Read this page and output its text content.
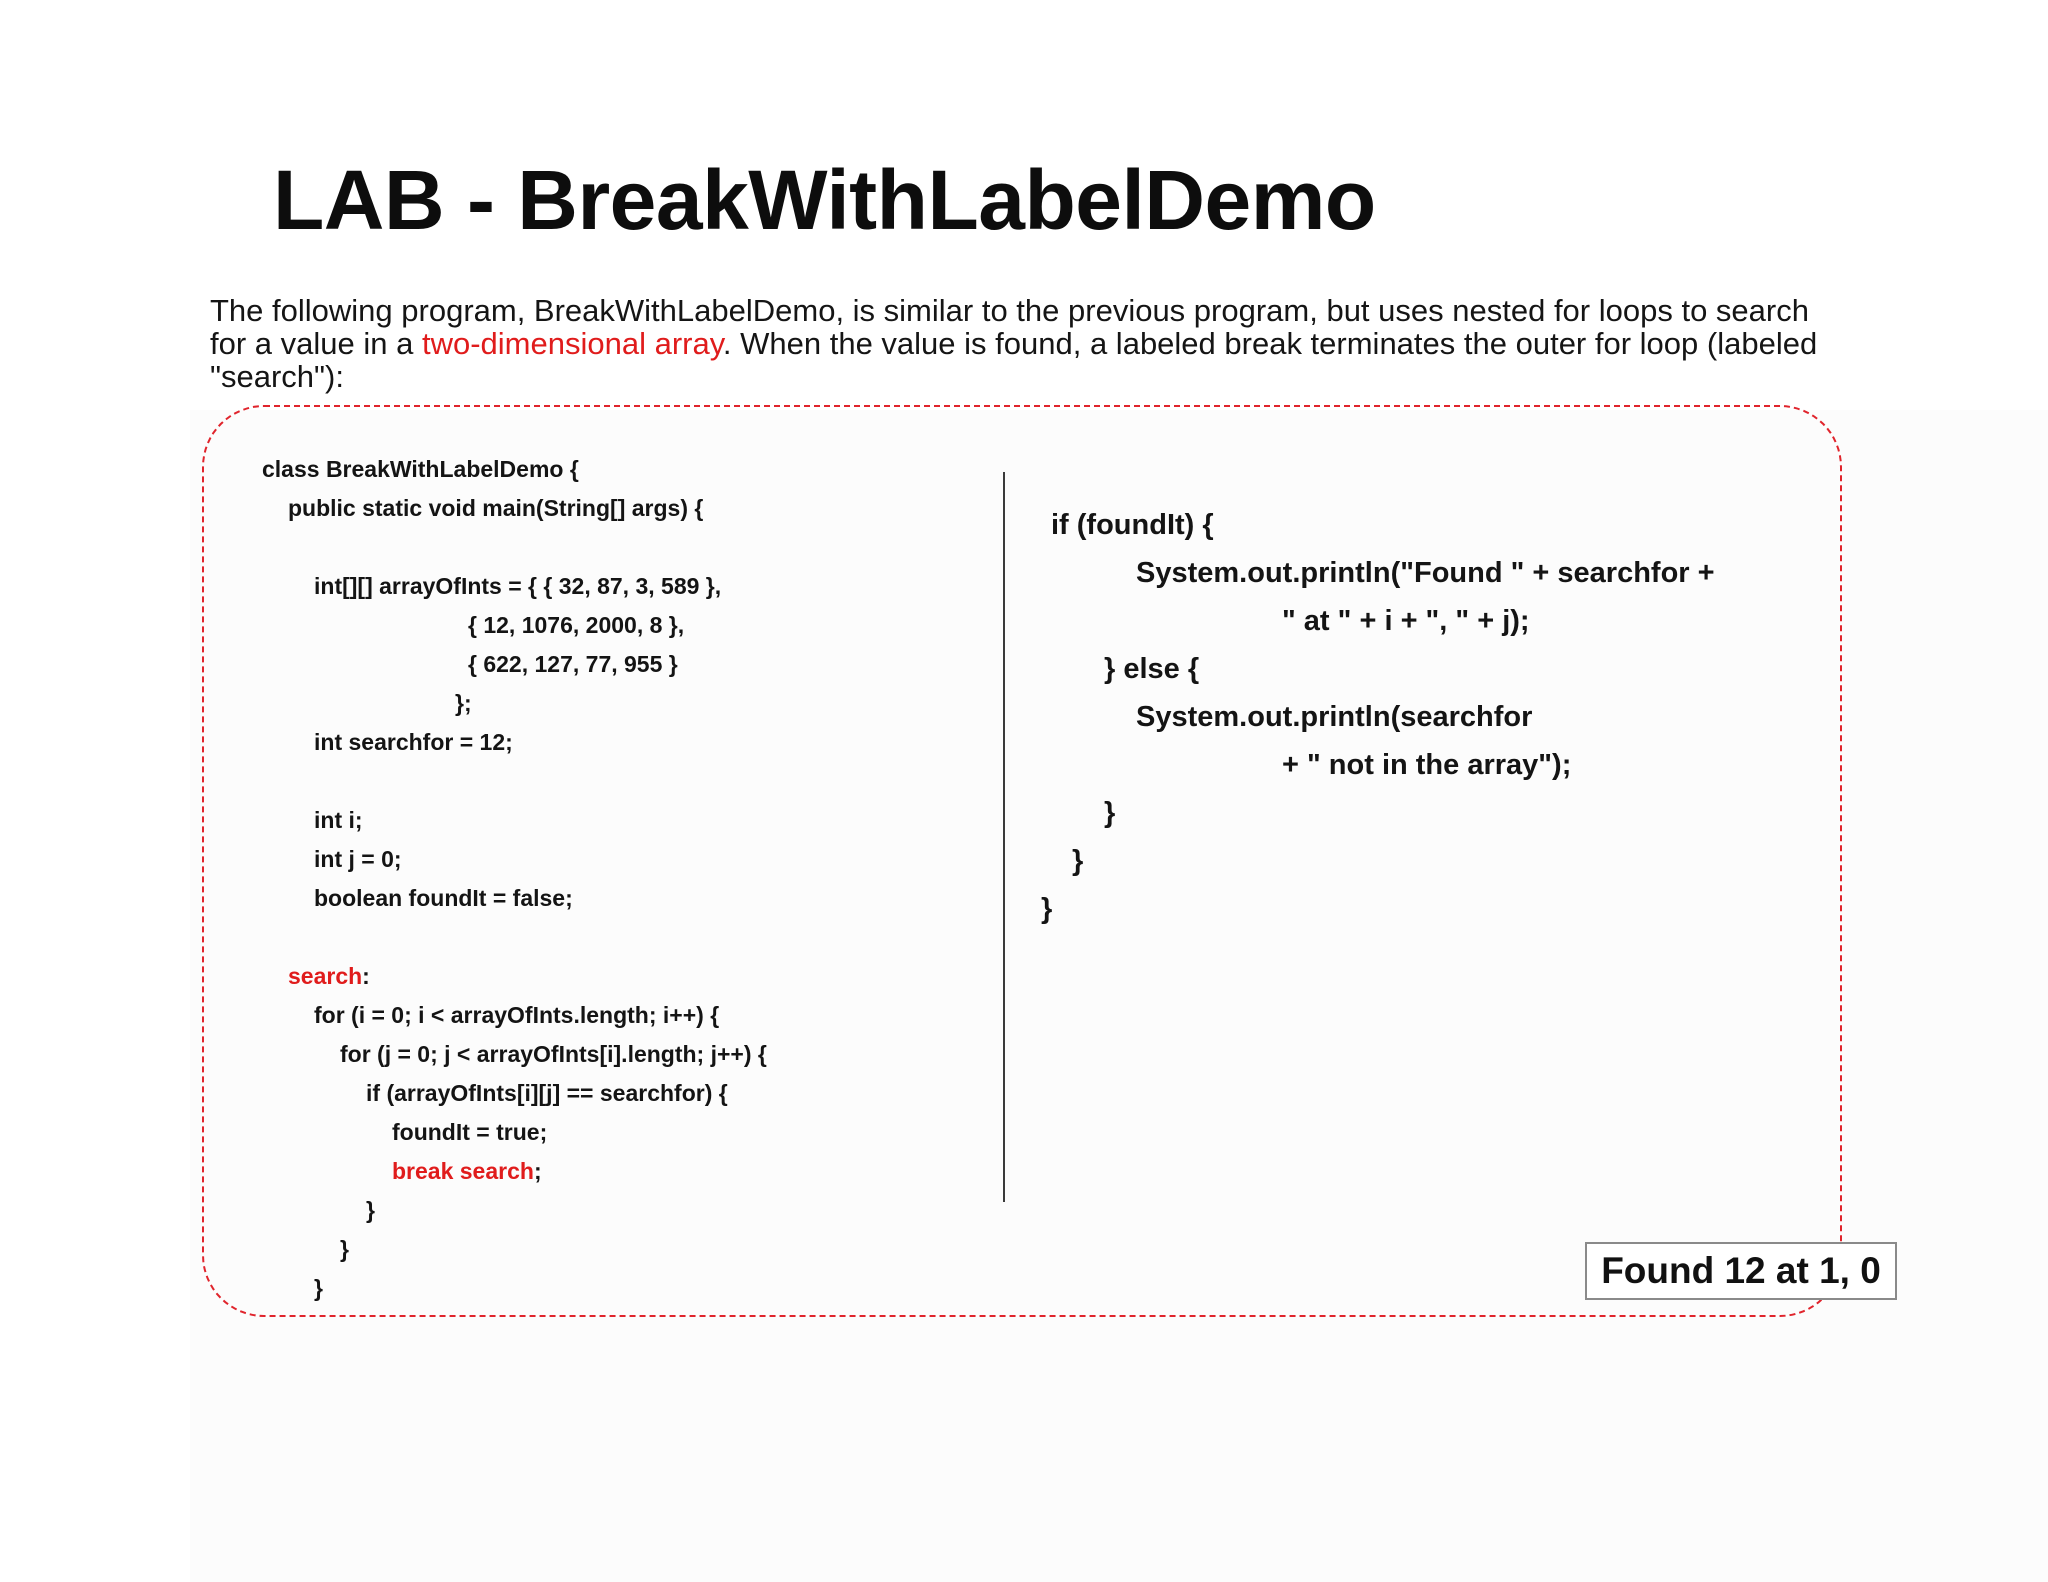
LAB - BreakWithLabelDemo

The following program, BreakWithLabelDemo, is similar to the previous program, but uses nested for loops to search for a value in a two-dimensional array. When the value is found, a labeled break terminates the outer for loop (labeled "search"):

class BreakWithLabelDemo {
public static void main(String[] args) {
int[][] arrayOfInts = { { 32, 87, 3, 589 },
{ 12, 1076, 2000, 8 },
{ 622, 127, 77, 955 }
};
int searchfor = 12;
int i;
int j = 0;
boolean foundIt = false;
search:
for (i = 0; i < arrayOfInts.length; i++) {
for (j = 0; j < arrayOfInts[i].length; j++) {
if (arrayOfInts[i][j] == searchfor) {
foundIt = true;
break search;
}
}
}
if (foundIt) {
System.out.println("Found " + searchfor +
" at " + i + ", " + j);
} else {
System.out.println(searchfor
+ " not in the array");
}
}
}
Found 12 at 1, 0
